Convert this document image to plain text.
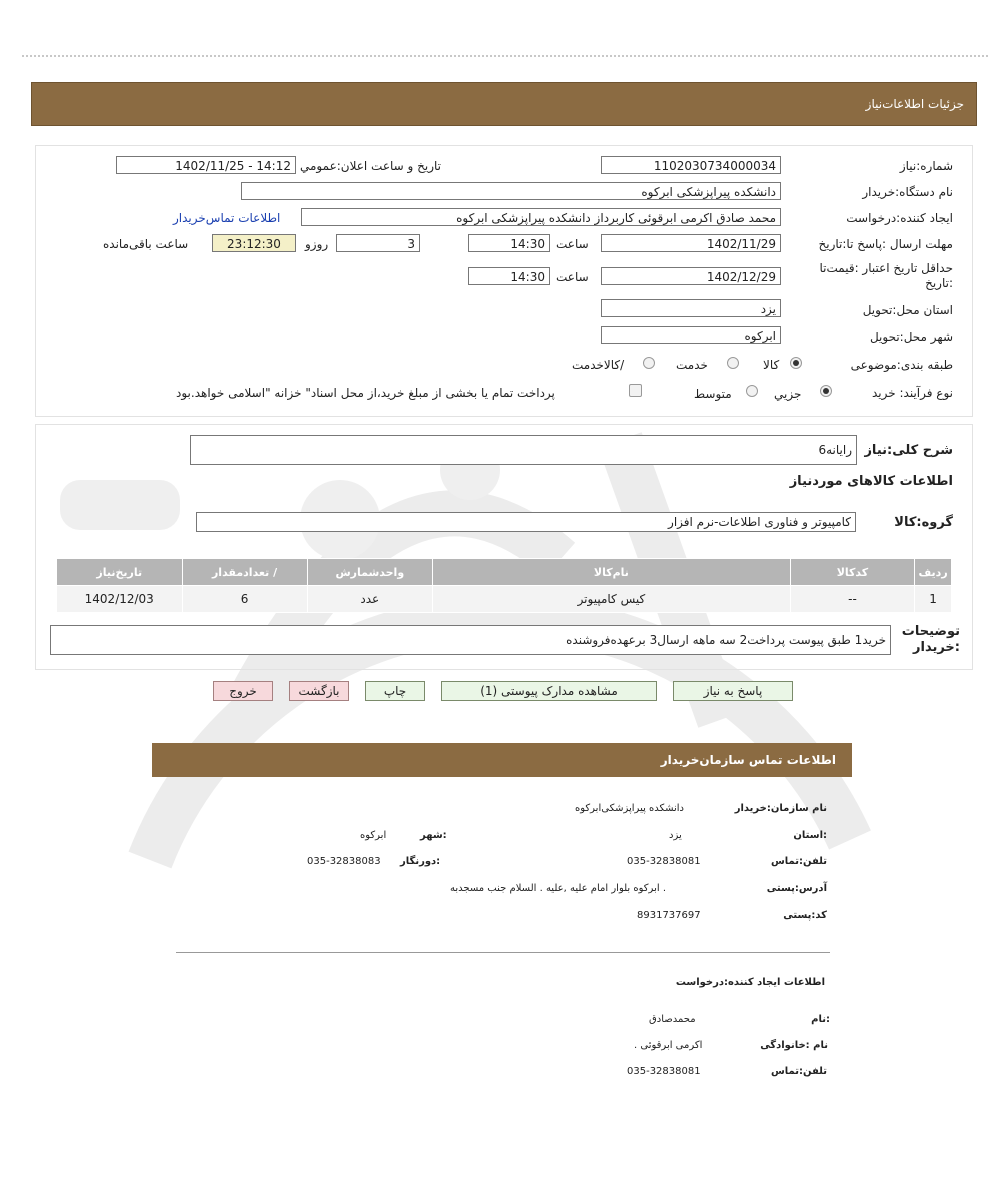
جزئیات اطلاعات‌نیاز
شماره:نیاز
1102030734000034
تاریخ و ساعت اعلان:عمومي
1402/11/25 - 14:12
نام دستگاه:خریدار
دانشکده پیراپزشکی ابرکوه
ایجاد کننده:درخواست
محمد صادق اکرمی ابرقوئی کاربرداز دانشکده پیراپزشکی ابرکوه
اطلاعات تماس‌خریدار
مهلت ارسال :پاسخ تا:تاریخ
1402/11/29
ساعت
14:30
3
روزو
23:12:30
ساعت باقی‌مانده
حداقل تاریخ اعتبار :قیمت‌تا :تاریخ
1402/12/29
ساعت
14:30
استان محل:تحویل
یزد
شهر محل:تحویل
ابرکوه
طبقه بندی:موضوعی
کالا
خدمت
/کالاخدمت
نوع فرآیند: خرید
جزيي
متوسط
پرداخت تمام یا بخشی از مبلغ خرید،از محل اسناد" خزانه "اسلامی خواهد.بود
شرح کلی:نیاز
رایانه6
اطلاعات کالاهای موردنیاز
گروه:کالا
کامپیوتر و فناوری اطلاعات-نرم افزار
ردیف	کدکالا	نام‌کالا	واحدشمارش	/ تعدادمقدار	تاریخ‌نیاز
1	--	کیس کامپیوتر	عدد	6	1402/12/03
توضیحات :خریدار
خرید1 طبق پیوست پرداخت2 سه ماهه ارسال3 برعهده‌فروشنده
پاسخ به نیاز
مشاهده مدارک پیوستی (1)
چاپ
بازگشت
خروج
اطلاعات تماس سازمان‌خریدار
نام سازمان:خریدار
دانشکده پیراپزشکی‌ابرکوه
:استان
یزد
:شهر
ابرکوه
تلفن:تماس
035-32838081
:دورنگار
035-32838083
آدرس:پستی
. ابرکوه بلوار امام علیه ,علیه . السلام جنب مسجدبه
کد:پستی
8931737697
اطلاعات ایجاد کننده:درخواست
:نام
محمدصادق
نام :خانوادگی
اکرمی ابرقوئی .
تلفن:تماس
035-32838081
